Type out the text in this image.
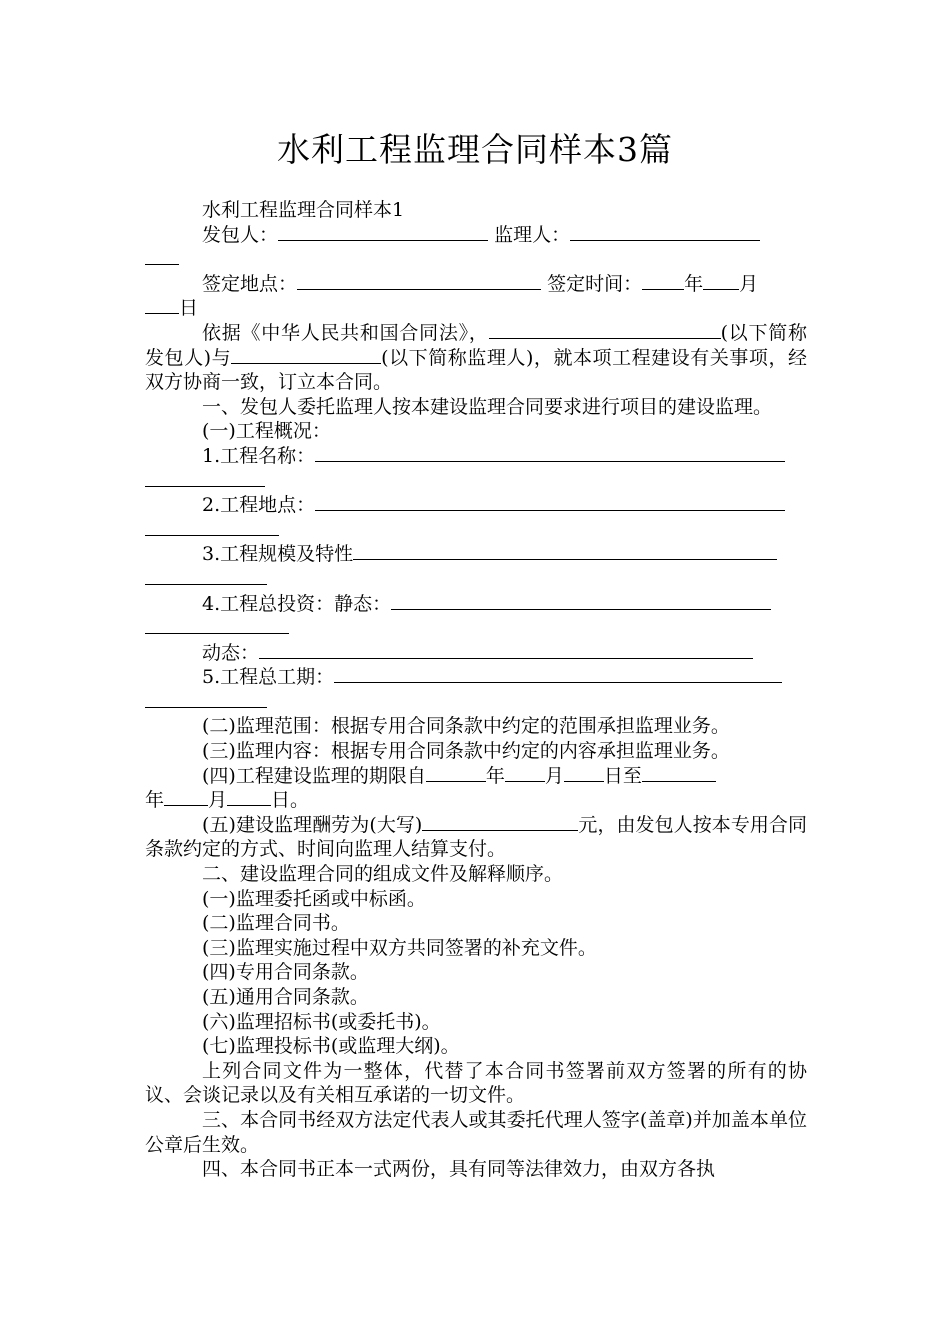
水利工程监理合同样本3篇

水利工程监理合同样本1

发包人：	监理人：

签定地点：	签定时间： 年 月

日

依据《中华人民共和国合同法》，	(以下简称发包人)与	(以下简称监理人)，就本项工程建设有关事项，经双方协商一致，订立本合同。

一、发包人委托监理人按本建设监理合同要求进行项目的建设监理。

(一)工程概况：

1.工程名称：

2.工程地点：

3.工程规模及特性

4.工程总投资：静态：

动态：

5.工程总工期：

(二)监理范围：根据专用合同条款中约定的范围承担监理业务。

(三)监理内容：根据专用合同条款中约定的内容承担监理业务。

(四)工程建设监理的期限自	年 月 日至

年 月 日。

(五)建设监理酬劳为(大写)	元，由发包人按本专用合同条款约定的方式、时间向监理人结算支付。

二、建设监理合同的组成文件及解释顺序。

(一)监理委托函或中标函。

(二)监理合同书。

(三)监理实施过程中双方共同签署的补充文件。

(四)专用合同条款。

(五)通用合同条款。

(六)监理招标书(或委托书)。

(七)监理投标书(或监理大纲)。

上列合同文件为一整体，代替了本合同书签署前双方签署的所有的协议、会谈记录以及有关相互承诺的一切文件。

三、本合同书经双方法定代表人或其委托代理人签字(盖章)并加盖本单位公章后生效。

四、本合同书正本一式两份，具有同等法律效力，由双方各执
